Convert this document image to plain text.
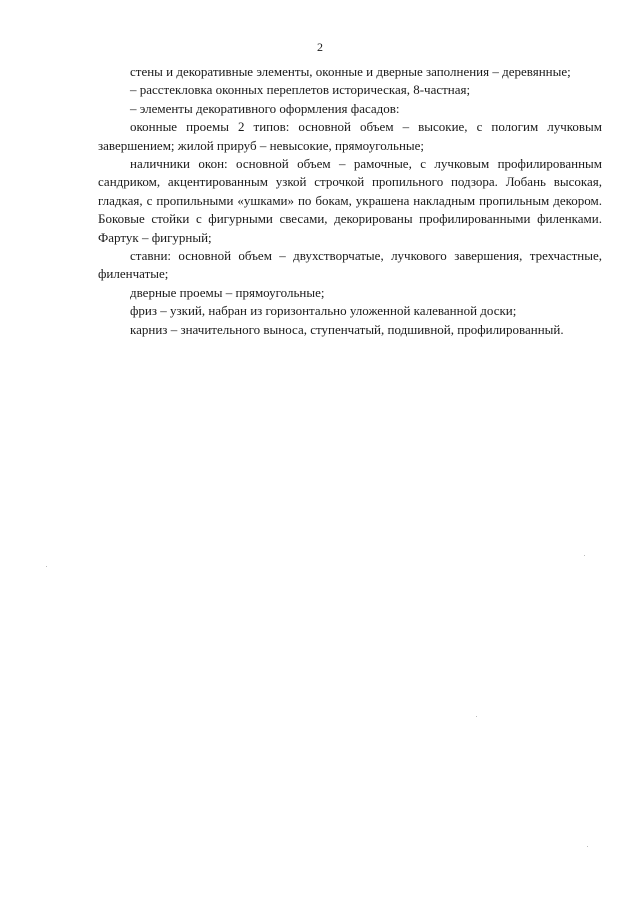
2

стены и декоративные элементы, оконные и дверные заполнения – деревянные;

– расстекловка оконных переплетов историческая, 8-частная;

– элементы декоративного оформления фасадов:

оконные проемы 2 типов: основной объем – высокие, с пологим лучковым завершением; жилой прируб – невысокие, прямоугольные;

наличники окон: основной объем – рамочные, с лучковым профилированным сандриком, акцентированным узкой строчкой пропильного подзора. Лобань высокая, гладкая, с пропильными «ушками» по бокам, украшена накладным пропильным декором. Боковые стойки с фигурными свесами, декорированы профилированными филенками. Фартук – фигурный;

ставни: основной объем – двухстворчатые, лучкового завершения, трехчастные, филенчатые;

дверные проемы – прямоугольные;

фриз – узкий, набран из горизонтально уложенной калеванной доски;

карниз – значительного выноса, ступенчатый, подшивной, профилированный.
